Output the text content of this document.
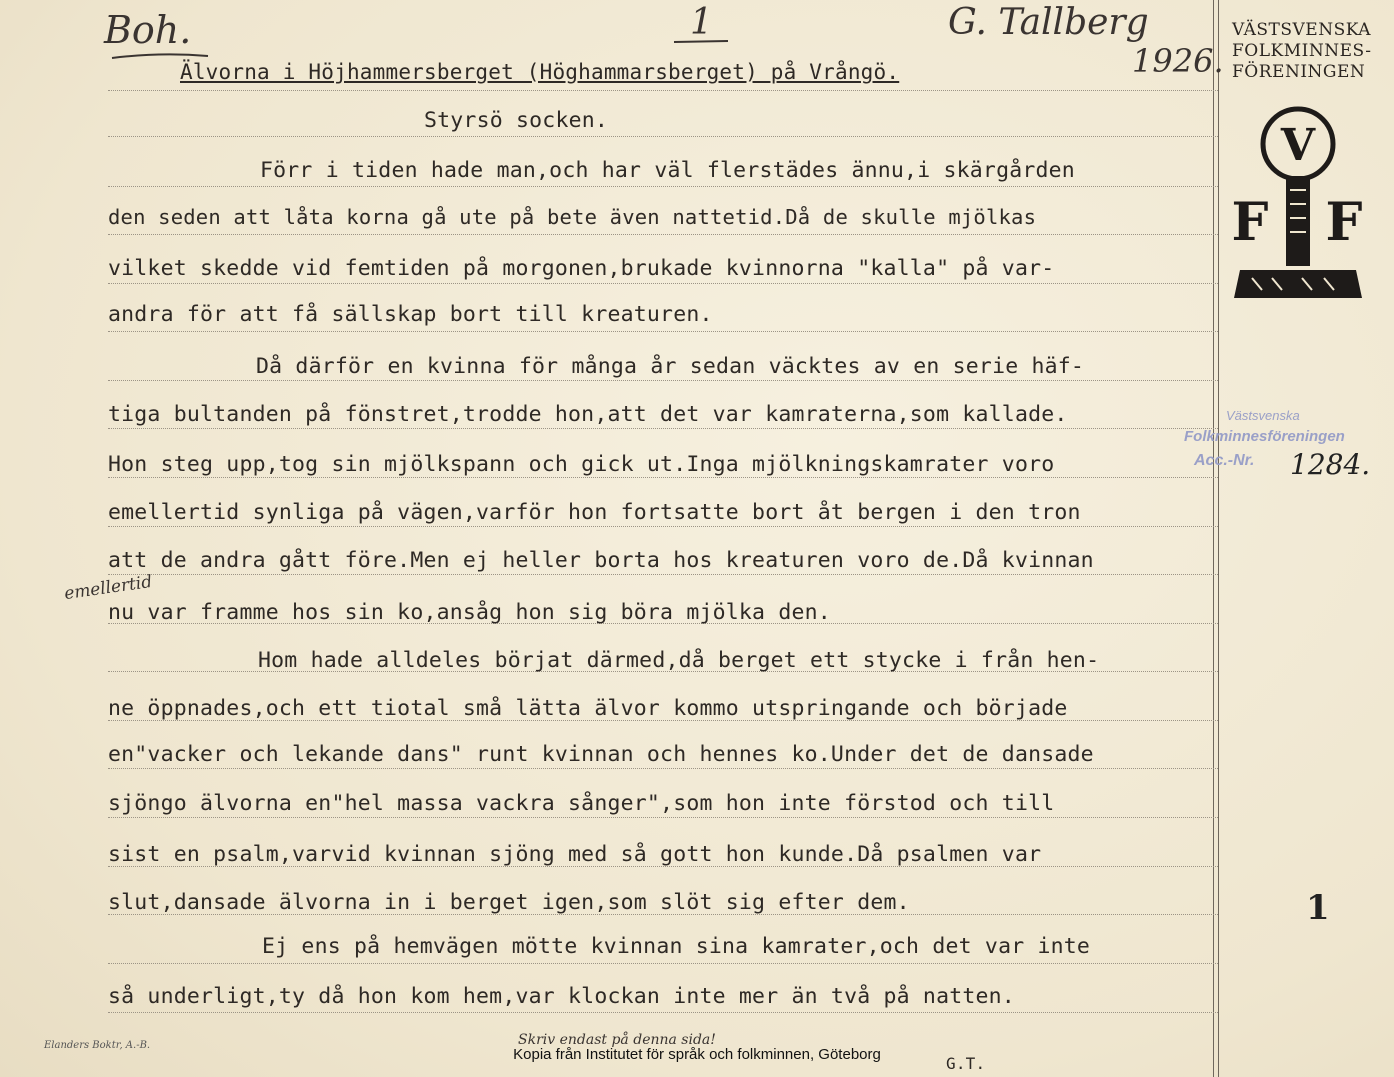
Boh.	1	G. Tallberg
1926.
VÄSTSVENSKA
FOLKMINNES-
FÖRENINGEN
V
F F
Älvorna i Höjhammersberget (Höghammarsberget) på Vrångö.
Styrsö socken.
Förr i tiden hade man,och har väl flerstädes ännu,i skärgården
den seden att låta korna gå ute på bete även nattetid.Då de skulle mjölkas
vilket skedde vid femtiden på morgonen,brukade kvinnorna "kalla" på var-
andra för att få sällskap bort till kreaturen.
Då därför en kvinna för många år sedan väcktes av en serie häf-
tiga bultanden på fönstret,trodde hon,att det var kamraterna,som kallade.
Hon steg upp,tog sin mjölkspann och gick ut.Inga mjölkningskamrater voro
emellertid synliga på vägen,varför hon fortsatte bort åt bergen i den tron
att de andra gått före.Men ej heller borta hos kreaturen voro de.Då kvinnan
nu var framme hos sin ko,ansåg hon sig böra mjölka den.
Hom hade alldeles börjat därmed,då berget ett stycke i från hen-
ne öppnades,och ett tiotal små lätta älvor kommo utspringande och började
en"vacker och lekande dans" runt kvinnan och hennes ko.Under det de dansade
sjöngo älvorna en"hel massa vackra sånger",som hon inte förstod och till
sist en psalm,varvid kvinnan sjöng med så gott hon kunde.Då psalmen var
slut,dansade älvorna in i berget igen,som slöt sig efter dem.
Ej ens på hemvägen mötte kvinnan sina kamrater,och det var inte
så underligt,ty då hon kom hem,var klockan inte mer än två på natten.
emellertid
Västsvenska
Folkminnesföreningen
Acc.-Nr. 1284.
1
Elanders Boktr, A.-B.	Skriv endast på denna sida!
G.T.
Kopia från Institutet för språk och folkminnen, Göteborg
